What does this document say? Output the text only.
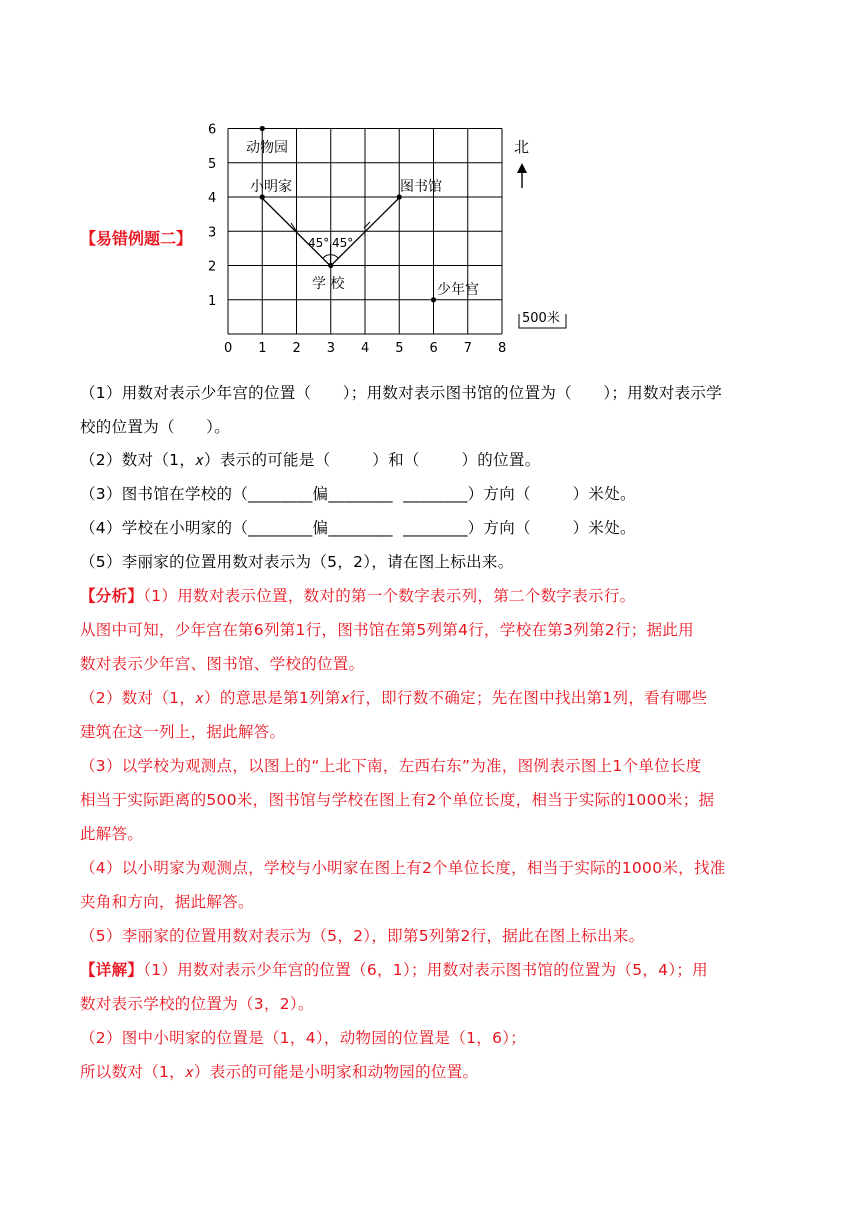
【易错例题二】
0 1 2 3 4 5 6 7 8
1
2
3
4
5
6
动物园
小明家	图书馆
学 校	少年宫
45° 45°
北
500米
（1）用数对表示少年宫的位置（      ）；用数对表示图书馆的位置为（      ）；用数对表示学
校的位置为（      ）。
（2）数对（1，𝑥）表示的可能是（        ）和（        ）的位置。
（3）图书馆在学校的（________偏________  ________）方向（        ）米处。
（4）学校在小明家的（________偏________  ________）方向（        ）米处。
（5）李丽家的位置用数对表示为（5，2），请在图上标出来。
【分析】（1）用数对表示位置，数对的第一个数字表示列，第二个数字表示行。
从图中可知，少年宫在第6列第1行，图书馆在第5列第4行，学校在第3列第2行；据此用
数对表示少年宫、图书馆、学校的位置。
（2）数对（1，𝑥）的意思是第1列第𝑥行，即行数不确定；先在图中找出第1列，看有哪些
建筑在这一列上，据此解答。
（3）以学校为观测点，以图上的“上北下南，左西右东”为准，图例表示图上1个单位长度
相当于实际距离的500米，图书馆与学校在图上有2个单位长度，相当于实际的1000米；据
此解答。
（4）以小明家为观测点，学校与小明家在图上有2个单位长度，相当于实际的1000米，找准
夹角和方向，据此解答。
（5）李丽家的位置用数对表示为（5，2），即第5列第2行，据此在图上标出来。
【详解】（1）用数对表示少年宫的位置（6，1）；用数对表示图书馆的位置为（5，4）；用
数对表示学校的位置为（3，2）。
（2）图中小明家的位置是（1，4），动物园的位置是（1，6）；
所以数对（1，𝑥）表示的可能是小明家和动物园的位置。
